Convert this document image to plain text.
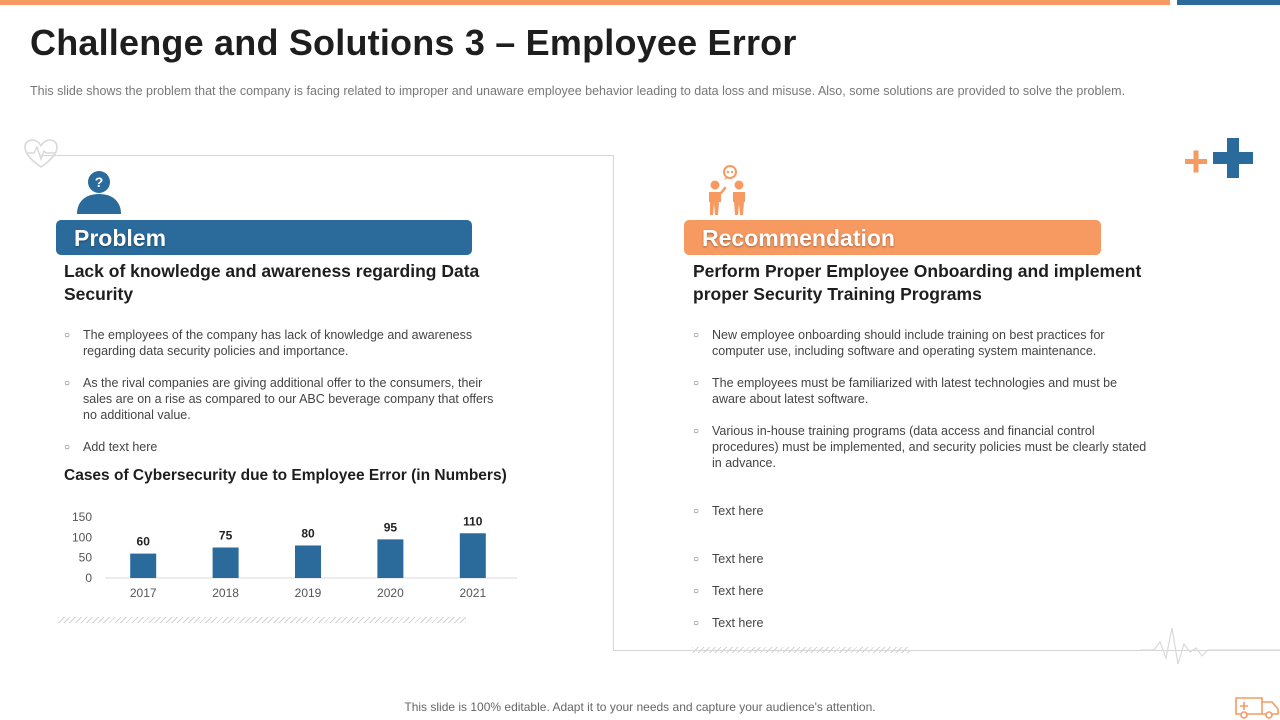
Challenge and Solutions 3 – Employee Error

This slide shows the problem that the company is facing related to improper and unaware employee behavior leading to data loss and misuse. Also, some solutions are provided to solve the problem.

?
Problem	Recommendation
Lack of knowledge and awareness regarding Data Security
Perform Proper Employee Onboarding and implement proper Security Training Programs
○ The employees of the company has lack of knowledge and awareness regarding data security policies and importance.
○ As the rival companies are giving additional offer to the consumers, their sales are on a rise as compared to our ABC beverage company that offers no additional value.
○ Add text here
○ New employee onboarding should include training on best practices for computer use, including software and operating system maintenance.
○ The employees must be familiarized with latest technologies and must be aware about latest software.
○ Various in-house training programs (data access and financial control procedures) must be implemented, and security policies must be clearly stated in advance.
○ Text here
○ Text here
○ Text here
○ Text here
Cases of Cybersecurity due to Employee Error (in Numbers)
0
50
100
150
60
2017
75
2018
80
2019
95
2020
110
2021
This slide is 100% editable. Adapt it to your needs and capture your audience's attention.
